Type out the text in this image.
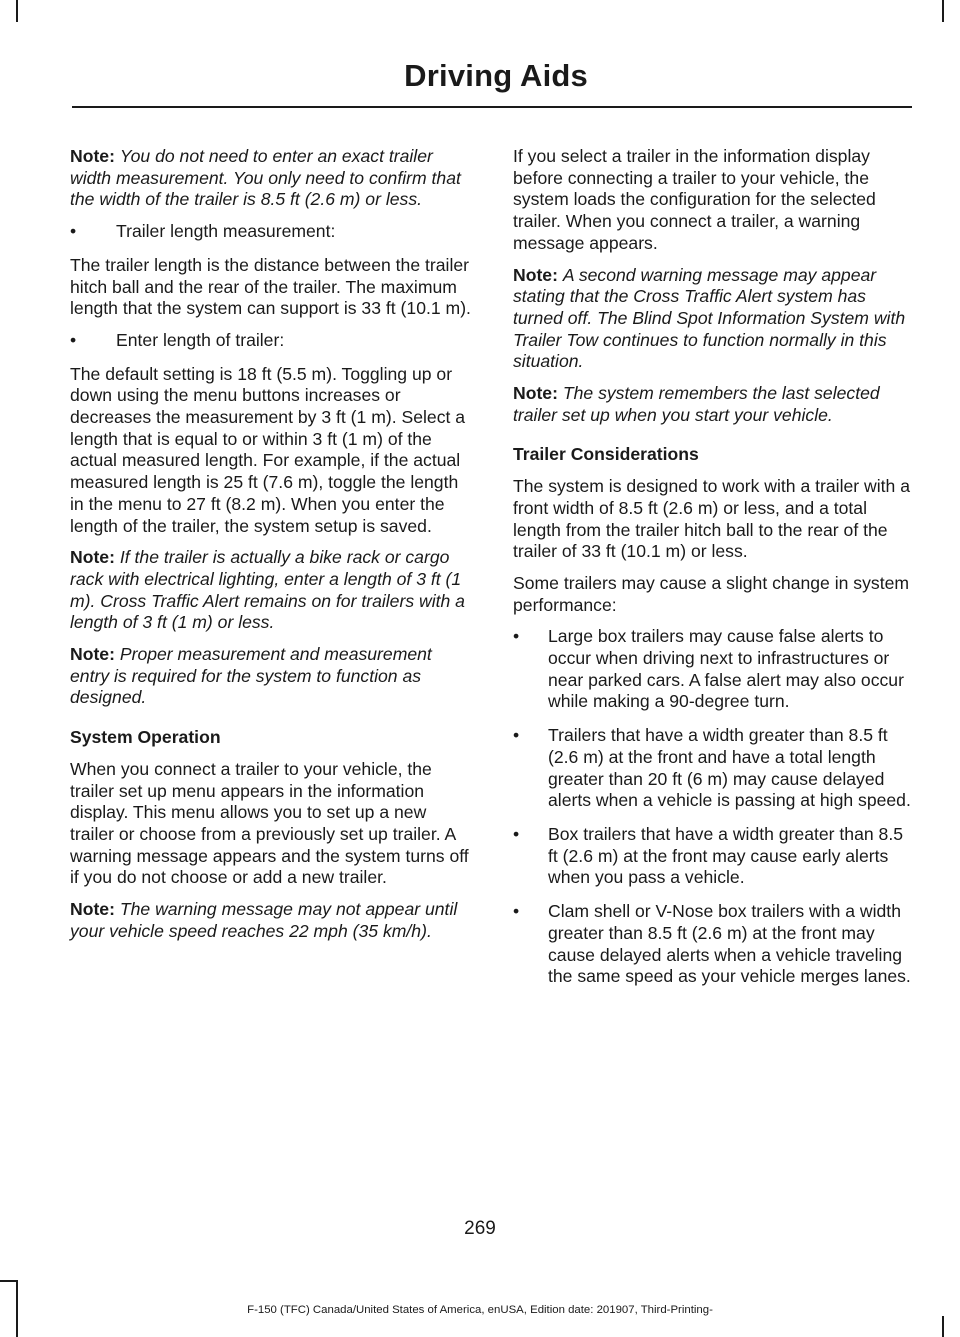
Driving Aids

Note: You do not need to enter an exact trailer width measurement. You only need to confirm that the width of the trailer is 8.5 ft (2.6 m) or less.

• Trailer length measurement:

The trailer length is the distance between the trailer hitch ball and the rear of the trailer. The maximum length that the system can support is 33 ft (10.1 m).

• Enter length of trailer:

The default setting is 18 ft (5.5 m). Toggling up or down using the menu buttons increases or decreases the measurement by 3 ft (1 m). Select a length that is equal to or within 3 ft (1 m) of the actual measured length. For example, if the actual measured length is 25 ft (7.6 m), toggle the length in the menu to 27 ft (8.2 m). When you enter the length of the trailer, the system setup is saved.

Note: If the trailer is actually a bike rack or cargo rack with electrical lighting, enter a length of 3 ft (1 m). Cross Traffic Alert remains on for trailers with a length of 3 ft (1 m) or less.

Note: Proper measurement and measurement entry is required for the system to function as designed.

System Operation

When you connect a trailer to your vehicle, the trailer set up menu appears in the information display. This menu allows you to set up a new trailer or choose from a previously set up trailer. A warning message appears and the system turns off if you do not choose or add a new trailer.

Note: The warning message may not appear until your vehicle speed reaches 22 mph (35 km/h).

If you select a trailer in the information display before connecting a trailer to your vehicle, the system loads the configuration for the selected trailer. When you connect a trailer, a warning message appears.

Note: A second warning message may appear stating that the Cross Traffic Alert system has turned off. The Blind Spot Information System with Trailer Tow continues to function normally in this situation.

Note: The system remembers the last selected trailer set up when you start your vehicle.

Trailer Considerations

The system is designed to work with a trailer with a front width of 8.5 ft (2.6 m) or less, and a total length from the trailer hitch ball to the rear of the trailer of 33 ft (10.1 m) or less.

Some trailers may cause a slight change in system performance:

• Large box trailers may cause false alerts to occur when driving next to infrastructures or near parked cars. A false alert may also occur while making a 90-degree turn.
• Trailers that have a width greater than 8.5 ft (2.6 m) at the front and have a total length greater than 20 ft (6 m) may cause delayed alerts when a vehicle is passing at high speed.
• Box trailers that have a width greater than 8.5 ft (2.6 m) at the front may cause early alerts when you pass a vehicle.
• Clam shell or V-Nose box trailers with a width greater than 8.5 ft (2.6 m) at the front may cause delayed alerts when a vehicle traveling the same speed as your vehicle merges lanes.
269
F-150 (TFC) Canada/United States of America, enUSA, Edition date: 201907, Third-Printing-
